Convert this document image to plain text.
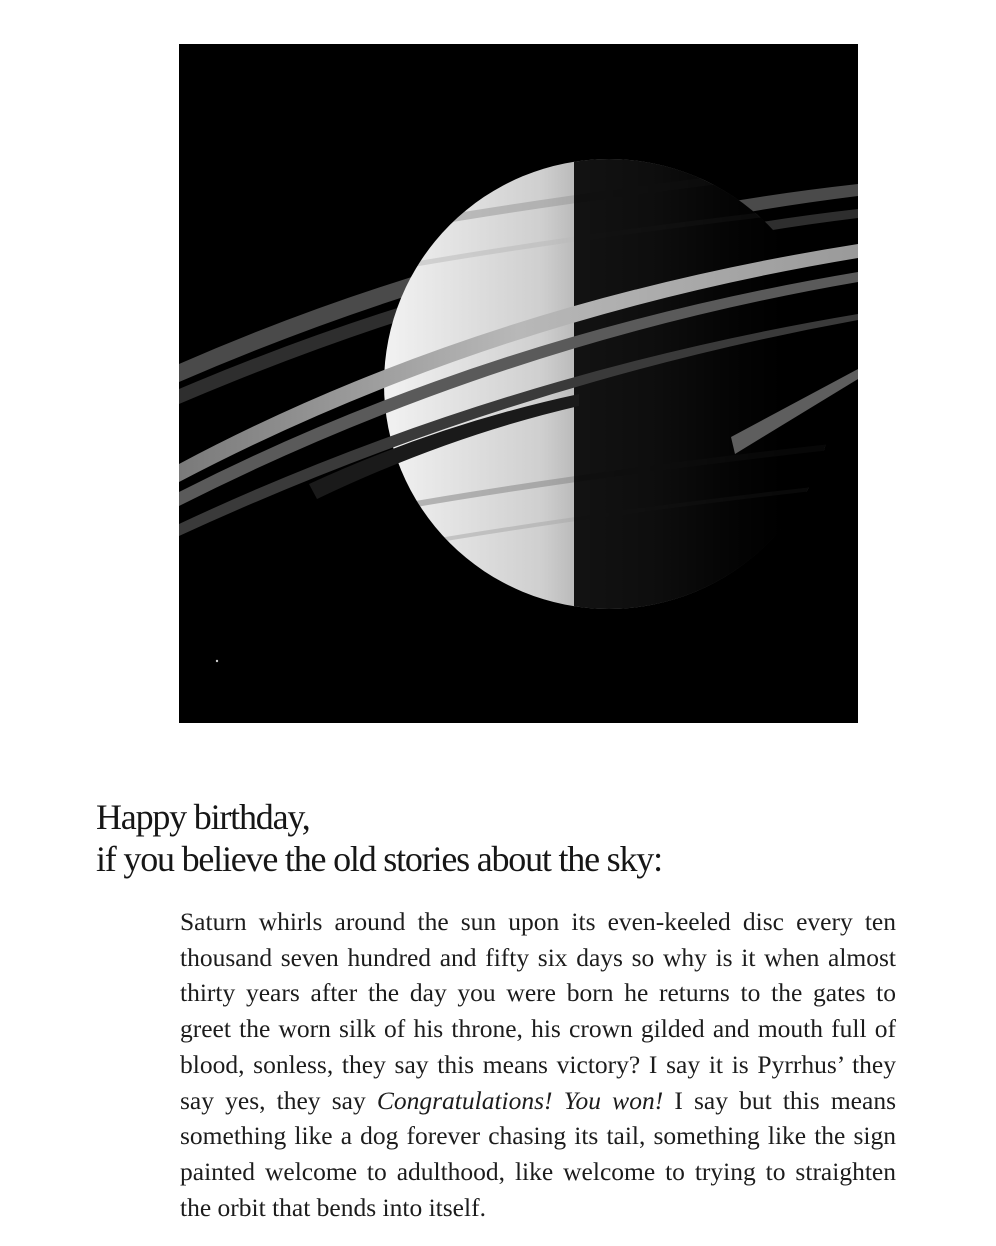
Happy birthday,
if you believe the old stories about the sky:

Saturn whirls around the sun upon its even-keeled disc every ten thousand seven hundred and fifty six days so why is it when almost thirty years after the day you were born he returns to the gates to greet the worn silk of his throne, his crown gilded and mouth full of blood, sonless, they say this means victory? I say it is Pyrrhus’ they say yes, they say Congratulations! You won! I say but this means something like a dog forever chasing its tail, something like the sign painted welcome to adulthood, like welcome to trying to straighten the orbit that bends into itself.
